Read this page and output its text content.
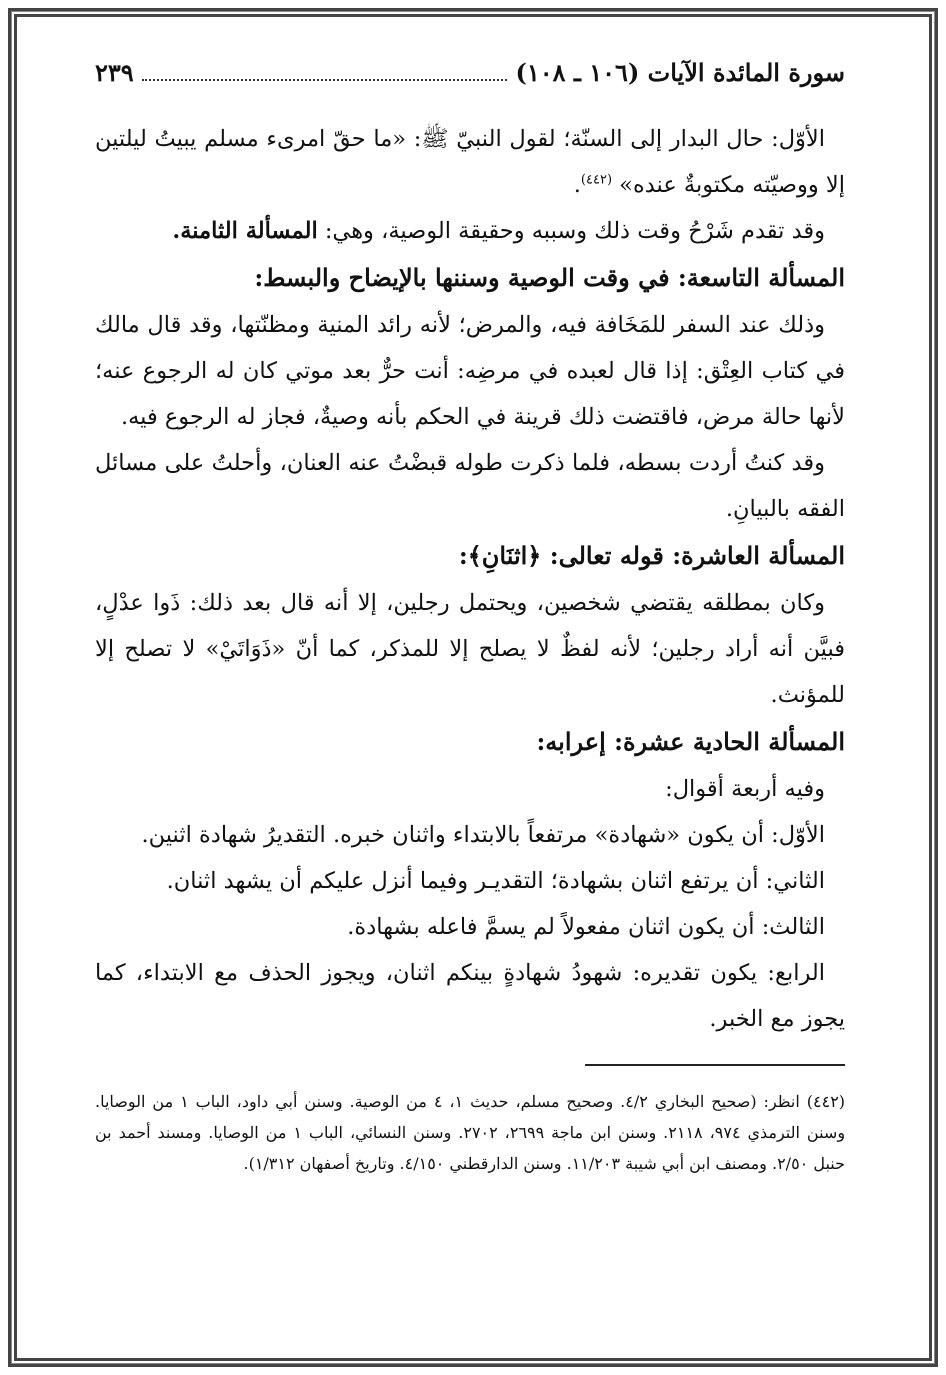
سورة المائدة الآيات (١٠٦ ـ ١٠٨)
٢٣٩

الأوّل: حال البدار إلى السنّة؛ لقول النبيّ ﷺ: «ما حقّ امرىء مسلم يبيتُ ليلتين إلا ووصيّته مكتوبةٌ عنده» $^{(٤٤٢)}$.

وقد تقدم شَرْحُ وقت ذلك وسببه وحقيقة الوصية، وهي: المسألة الثامنة.

المسألة التاسعة: في وقت الوصية وسننها بالإيضاح والبسط:

وذلك عند السفر للمَخَافة فيه، والمرض؛ لأنه رائد المنية ومظنّتها، وقد قال مالك في كتاب العِتْق: إذا قال لعبده في مرضِه: أنت حرٌّ بعد موتي كان له الرجوع عنه؛ لأنها حالة مرض، فاقتضت ذلك قرينة في الحكم بأنه وصيةٌ، فجاز له الرجوع فيه.

وقد كنتُ أردت بسطه، فلما ذكرت طوله قبضْتُ عنه العنان، وأحلتُ على مسائل الفقه بالبيانِ.

المسألة العاشرة: قوله تعالى: ﴿اثنَانِ﴾:

وكان بمطلقه يقتضي شخصين، ويحتمل رجلين، إلا أنه قال بعد ذلك: ذَوا عدْلٍ، فبيَّن أنه أراد رجلين؛ لأنه لفظٌ لا يصلح إلا للمذكر، كما أنّ «ذَوَاتَيْ» لا تصلح إلا للمؤنث.

المسألة الحادية عشرة: إعرابه:

وفيه أربعة أقوال:

الأوّل: أن يكون «شهادة» مرتفعاً بالابتداء واثنان خبره. التقديرُ شهادة اثنين.

الثاني: أن يرتفع اثنان بشهادة؛ التقديـر وفيما أنزل عليكم أن يشهد اثنان.

الثالث: أن يكون اثنان مفعولاً لم يسمَّ فاعله بشهادة.

الرابع: يكون تقديره: شهودُ شهادةٍ بينكم اثنان، ويجوز الحذف مع الابتداء، كما يجوز مع الخبر.

(٤٤٢) انظر: (صحيح البخاري ٤/٢. وصحيح مسلم، حديث ١، ٤ من الوصية. وسنن أبي داود، الباب ١ من الوصايا. وسنن الترمذي ٩٧٤، ٢١١٨. وسنن ابن ماجة ٢٦٩٩، ٢٧٠٢. وسنن النسائي، الباب ١ من الوصايا. ومسند أحمد بن حنبل ٢/٥٠. ومصنف ابن أبي شيبة ١١/٢٠٣. وسنن الدارقطني ٤/١٥٠. وتاريخ أصفهان ١/٣١٢).
